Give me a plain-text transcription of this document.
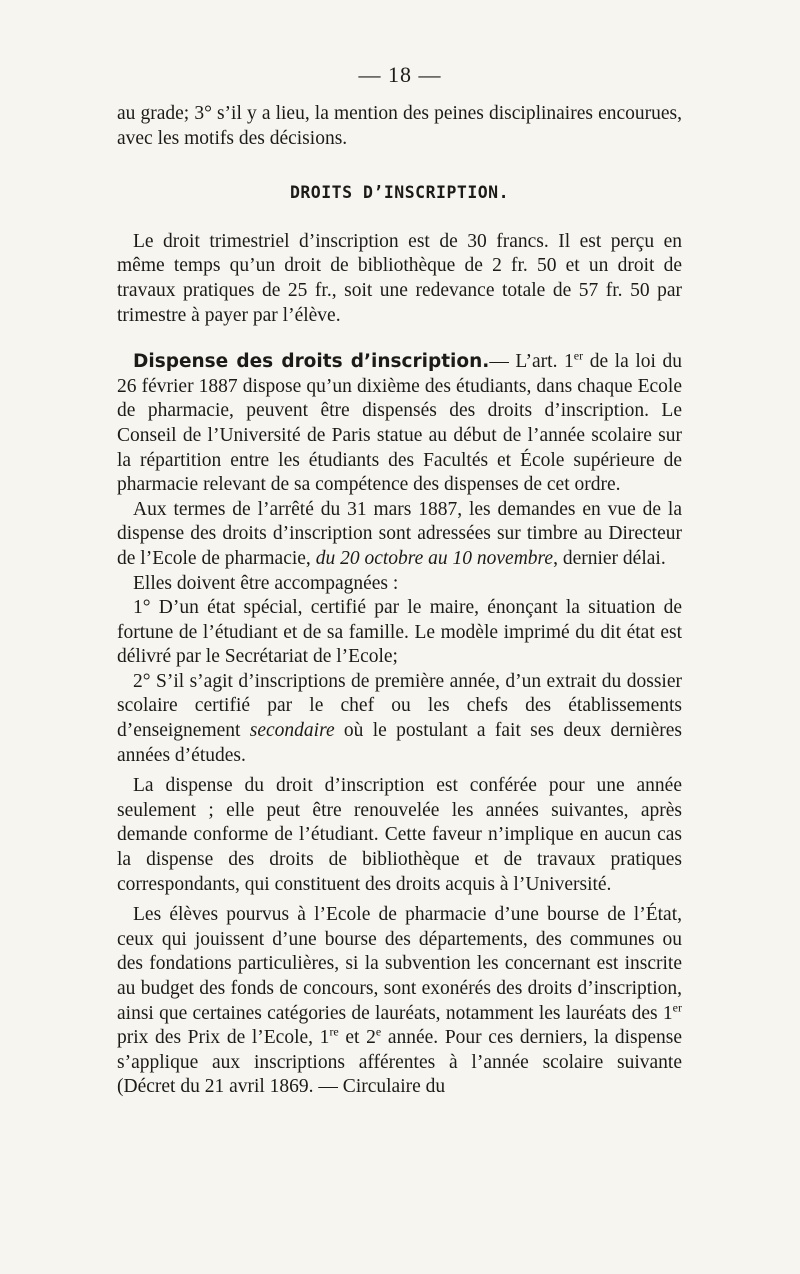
— 18 —

au grade; 3° s’il y a lieu, la mention des peines disciplinaires encourues, avec les motifs des décisions.

DROITS D’INSCRIPTION.

Le droit trimestriel d’inscription est de 30 francs. Il est perçu en même temps qu’un droit de bibliothèque de 2 fr. 50 et un droit de travaux pratiques de 25 fr., soit une redevance totale de 57 fr. 50 par trimestre à payer par l’élève.

Dispense des droits d’inscription.— L’art. 1er de la loi du 26 février 1887 dispose qu’un dixième des étudiants, dans chaque Ecole de pharmacie, peuvent être dispensés des droits d’inscription. Le Conseil de l’Université de Paris statue au début de l’année scolaire sur la répartition entre les étudiants des Facultés et École supérieure de pharmacie relevant de sa compétence des dispenses de cet ordre.

Aux termes de l’arrêté du 31 mars 1887, les demandes en vue de la dispense des droits d’inscription sont adressées sur timbre au Directeur de l’Ecole de pharmacie, du 20 octobre au 10 novembre, dernier délai.

Elles doivent être accompagnées :

1° D’un état spécial, certifié par le maire, énonçant la situation de fortune de l’étudiant et de sa famille. Le modèle imprimé du dit état est délivré par le Secrétariat de l’Ecole;

2° S’il s’agit d’inscriptions de première année, d’un extrait du dossier scolaire certifié par le chef ou les chefs des établissements d’enseignement secondaire où le postulant a fait ses deux dernières années d’études.

La dispense du droit d’inscription est conférée pour une année seulement ; elle peut être renouvelée les années suivantes, après demande conforme de l’étudiant. Cette faveur n’implique en aucun cas la dispense des droits de bibliothèque et de travaux pratiques correspondants, qui constituent des droits acquis à l’Université.

Les élèves pourvus à l’Ecole de pharmacie d’une bourse de l’État, ceux qui jouissent d’une bourse des départements, des communes ou des fondations particulières, si la subvention les concernant est inscrite au budget des fonds de concours, sont exonérés des droits d’inscription, ainsi que certaines catégories de lauréats, notamment les lauréats des 1er prix des Prix de l’Ecole, 1re et 2e année. Pour ces derniers, la dispense s’applique aux inscriptions afférentes à l’année scolaire suivante (Décret du 21 avril 1869. — Circulaire du
